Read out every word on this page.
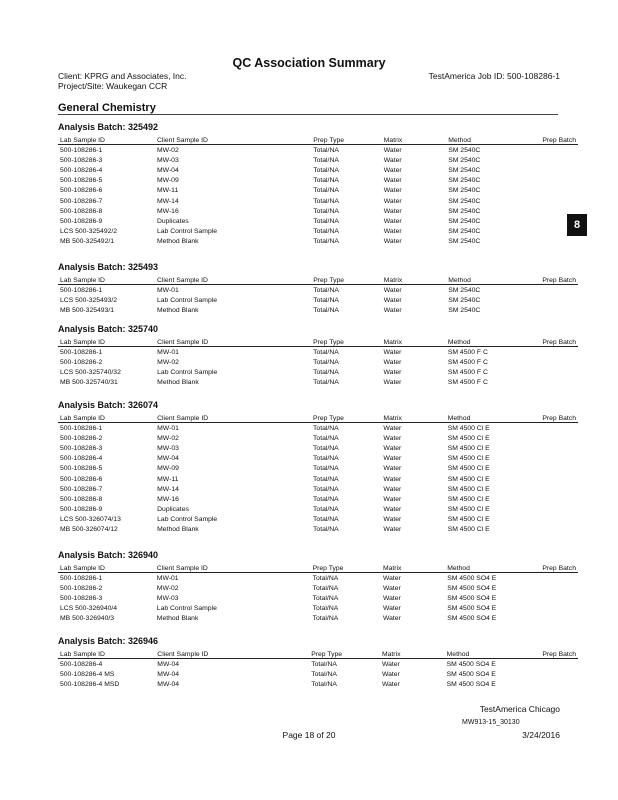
QC Association Summary
Client: KPRG and Associates, Inc.
Project/Site: Waukegan CCR
TestAmerica Job ID: 500-108286-1
General Chemistry
8
Analysis Batch: 325492
Lab Sample ID	Client Sample ID	Prep Type	Matrix	Method	Prep Batch
500-108286-1	MW-02	Total/NA	Water	SM 2540C	
500-108286-3	MW-03	Total/NA	Water	SM 2540C	
500-108286-4	MW-04	Total/NA	Water	SM 2540C	
500-108286-5	MW-09	Total/NA	Water	SM 2540C	
500-108286-6	MW-11	Total/NA	Water	SM 2540C	
500-108286-7	MW-14	Total/NA	Water	SM 2540C	
500-108286-8	MW-16	Total/NA	Water	SM 2540C	
500-108286-9	Duplicates	Total/NA	Water	SM 2540C	
LCS 500-325492/2	Lab Control Sample	Total/NA	Water	SM 2540C	
MB 500-325492/1	Method Blank	Total/NA	Water	SM 2540C	
Analysis Batch: 325493
Lab Sample ID	Client Sample ID	Prep Type	Matrix	Method	Prep Batch
500-108286-1	MW-01	Total/NA	Water	SM 2540C	
LCS 500-325493/2	Lab Control Sample	Total/NA	Water	SM 2540C	
MB 500-325493/1	Method Blank	Total/NA	Water	SM 2540C	
Analysis Batch: 325740
Lab Sample ID	Client Sample ID	Prep Type	Matrix	Method	Prep Batch
500-108286-1	MW-01	Total/NA	Water	SM 4500 F C	
500-108286-2	MW-02	Total/NA	Water	SM 4500 F C	
LCS 500-325740/32	Lab Control Sample	Total/NA	Water	SM 4500 F C	
MB 500-325740/31	Method Blank	Total/NA	Water	SM 4500 F C	
Analysis Batch: 326074
Lab Sample ID	Client Sample ID	Prep Type	Matrix	Method	Prep Batch
500-108286-1	MW-01	Total/NA	Water	SM 4500 Cl E	
500-108286-2	MW-02	Total/NA	Water	SM 4500 Cl E	
500-108286-3	MW-03	Total/NA	Water	SM 4500 Cl E	
500-108286-4	MW-04	Total/NA	Water	SM 4500 Cl E	
500-108286-5	MW-09	Total/NA	Water	SM 4500 Cl E	
500-108286-6	MW-11	Total/NA	Water	SM 4500 Cl E	
500-108286-7	MW-14	Total/NA	Water	SM 4500 Cl E	
500-108286-8	MW-16	Total/NA	Water	SM 4500 Cl E	
500-108286-9	Duplicates	Total/NA	Water	SM 4500 Cl E	
LCS 500-326074/13	Lab Control Sample	Total/NA	Water	SM 4500 Cl E	
MB 500-326074/12	Method Blank	Total/NA	Water	SM 4500 Cl E	
Analysis Batch: 326940
Lab Sample ID	Client Sample ID	Prep Type	Matrix	Method	Prep Batch
500-108286-1	MW-01	Total/NA	Water	SM 4500 SO4 E	
500-108286-2	MW-02	Total/NA	Water	SM 4500 SO4 E	
500-108286-3	MW-03	Total/NA	Water	SM 4500 SO4 E	
LCS 500-326940/4	Lab Control Sample	Total/NA	Water	SM 4500 SO4 E	
MB 500-326940/3	Method Blank	Total/NA	Water	SM 4500 SO4 E	
Analysis Batch: 326946
Lab Sample ID	Client Sample ID	Prep Type	Matrix	Method	Prep Batch
500-108286-4	MW-04	Total/NA	Water	SM 4500 SO4 E	
500-108286-4 MS	MW-04	Total/NA	Water	SM 4500 SO4 E	
500-108286-4 MSD	MW-04	Total/NA	Water	SM 4500 SO4 E	
TestAmerica Chicago
MW913-15_30130
Page 18 of 20	3/24/2016
